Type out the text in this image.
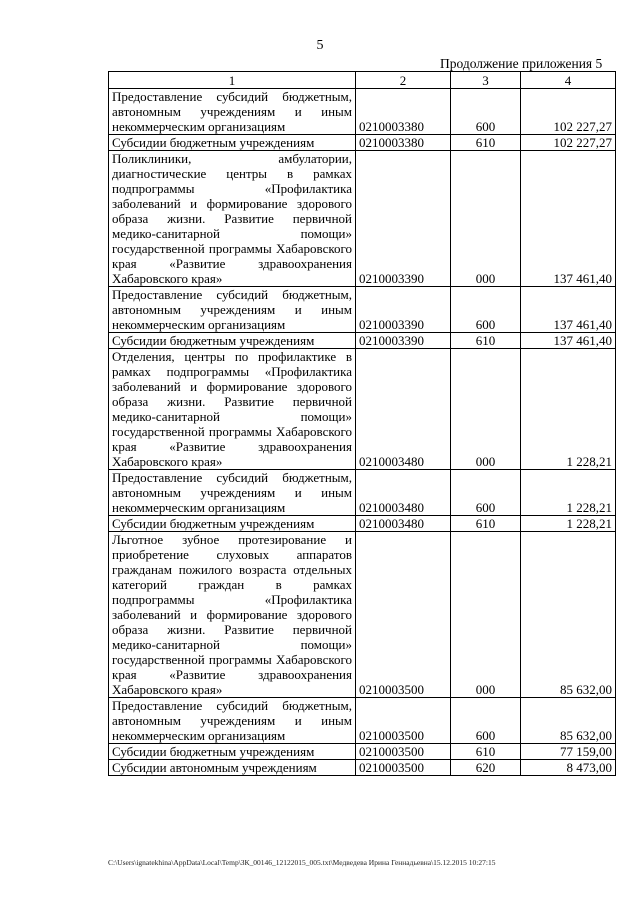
5
Продолжение приложения 5
1	2	3	4
Предоставление субсидий бюджетным, автономным учреждениям и иным некоммерческим организациям	0210003380	600	102 227,27
Субсидии бюджетным учреждениям	0210003380	610	102 227,27
Поликлиники, амбулатории, диагностические центры в рамках подпрограммы «Профилактика заболеваний и формирование здорового образа жизни. Развитие первичной медико-санитарной помощи» государственной программы Хабаровского края «Развитие здравоохранения Хабаровского края»	0210003390	000	137 461,40
Предоставление субсидий бюджетным, автономным учреждениям и иным некоммерческим организациям	0210003390	600	137 461,40
Субсидии бюджетным учреждениям	0210003390	610	137 461,40
Отделения, центры по профилактике в рамках подпрограммы «Профилактика заболеваний и формирование здорового образа жизни. Развитие первичной медико-санитарной помощи» государственной программы Хабаровского края «Развитие здравоохранения Хабаровского края»	0210003480	000	1 228,21
Предоставление субсидий бюджетным, автономным учреждениям и иным некоммерческим организациям	0210003480	600	1 228,21
Субсидии бюджетным учреждениям	0210003480	610	1 228,21
Льготное зубное протезирование и приобретение слуховых аппаратов гражданам пожилого возраста отдельных категорий граждан в рамках подпрограммы «Профилактика заболеваний и формирование здорового образа жизни. Развитие первичной медико-санитарной помощи» государственной программы Хабаровского края «Развитие здравоохранения Хабаровского края»	0210003500	000	85 632,00
Предоставление субсидий бюджетным, автономным учреждениям и иным некоммерческим организациям	0210003500	600	85 632,00
Субсидии бюджетным учреждениям	0210003500	610	77 159,00
Субсидии автономным учреждениям	0210003500	620	8 473,00
C:\Users\ignatekhina\AppData\Local\Temp\ЗК_00146_12122015_005.txt\Медведева Ирина Геннадьевна\15.12.2015 10:27:15
